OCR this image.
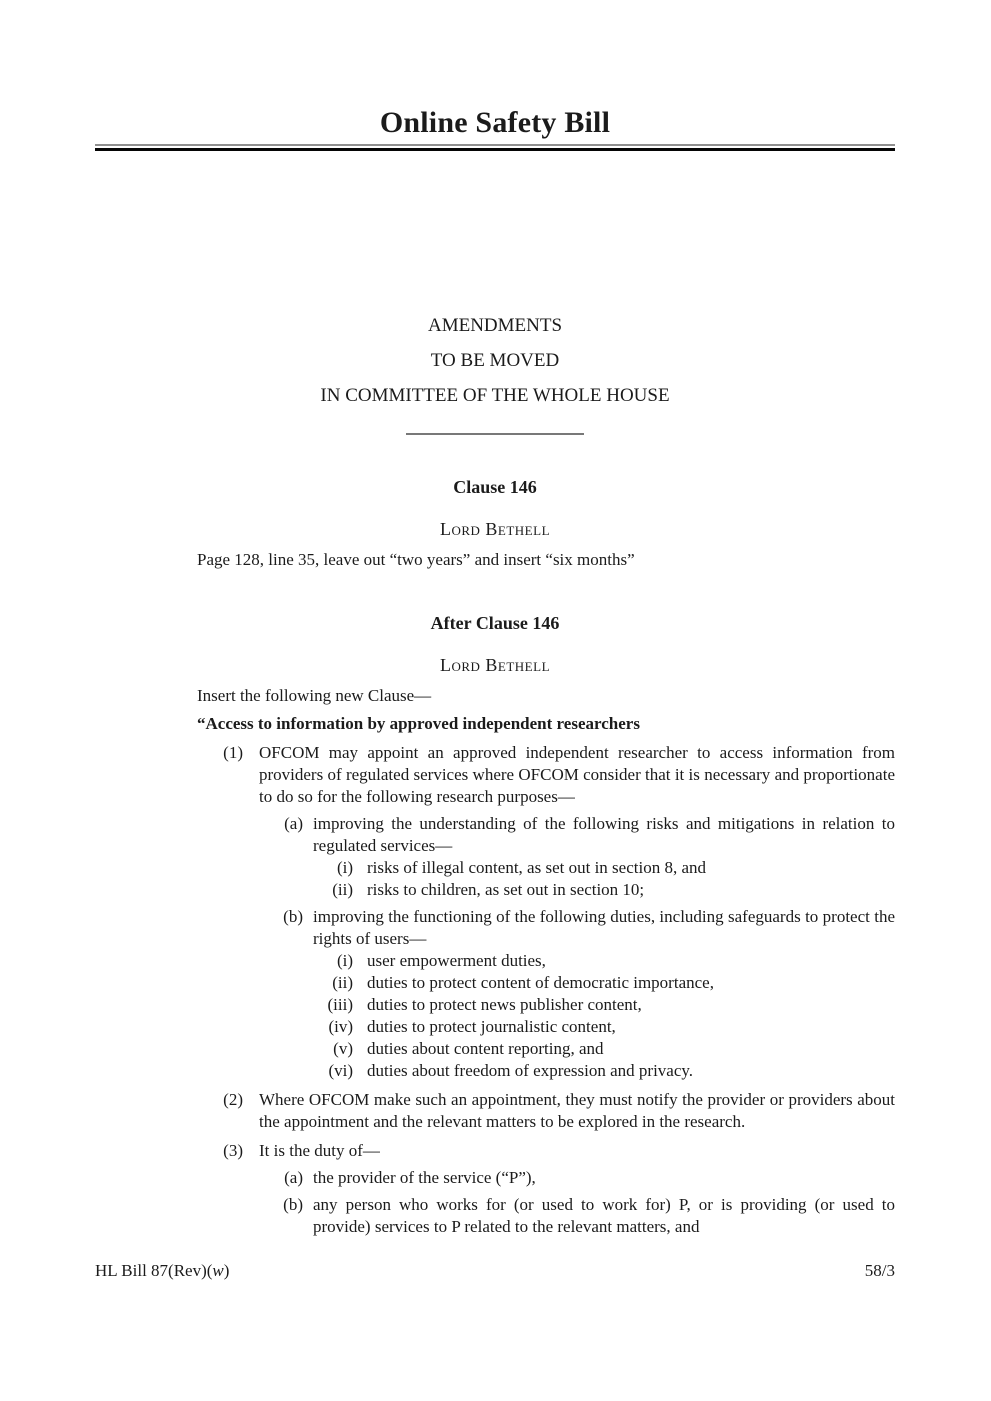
Online Safety Bill
AMENDMENTS
TO BE MOVED
IN COMMITTEE OF THE WHOLE HOUSE
Clause 146
Lord Bethell
Page 128, line 35, leave out “two years” and insert “six months”
After Clause 146
Lord Bethell
Insert the following new Clause—
“Access to information by approved independent researchers
(1) OFCOM may appoint an approved independent researcher to access information from providers of regulated services where OFCOM consider that it is necessary and proportionate to do so for the following research purposes—
(a) improving the understanding of the following risks and mitigations in relation to regulated services—
(i) risks of illegal content, as set out in section 8, and
(ii) risks to children, as set out in section 10;
(b) improving the functioning of the following duties, including safeguards to protect the rights of users—
(i) user empowerment duties,
(ii) duties to protect content of democratic importance,
(iii) duties to protect news publisher content,
(iv) duties to protect journalistic content,
(v) duties about content reporting, and
(vi) duties about freedom of expression and privacy.
(2) Where OFCOM make such an appointment, they must notify the provider or providers about the appointment and the relevant matters to be explored in the research.
(3) It is the duty of—
(a) the provider of the service (“P”),
(b) any person who works for (or used to work for) P, or is providing (or used to provide) services to P related to the relevant matters, and
HL Bill 87(Rev)(w)	58/3
